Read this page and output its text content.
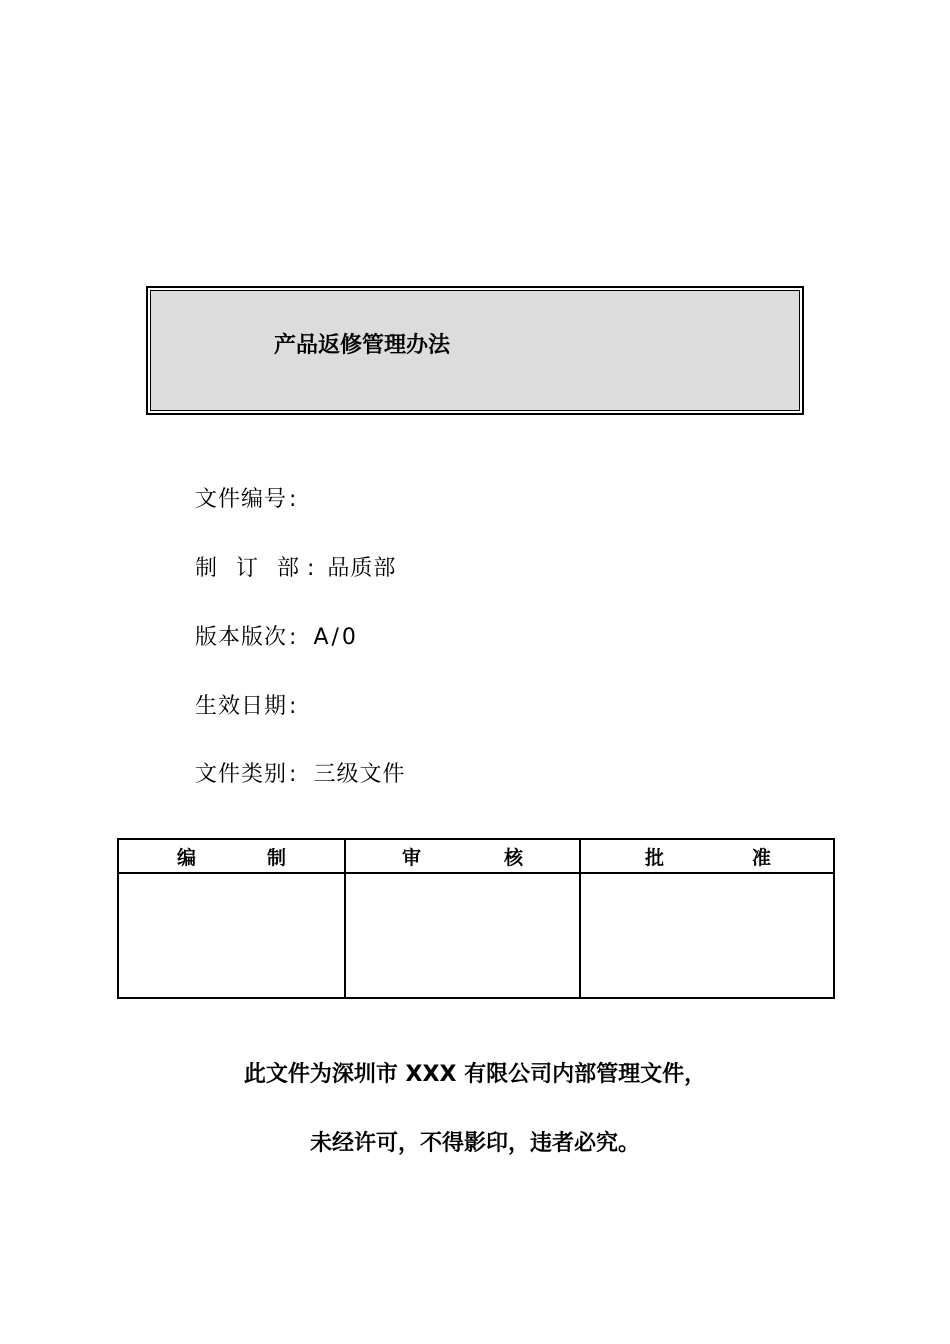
产品返修管理办法
文件编号:
制 订 部: 品质部
版本版次: A/0
生效日期:
文件类别: 三级文件
编 制	审 核	批 准

此文件为深圳市 XXX 有限公司内部管理文件，
未经许可，不得影印，违者必究。
